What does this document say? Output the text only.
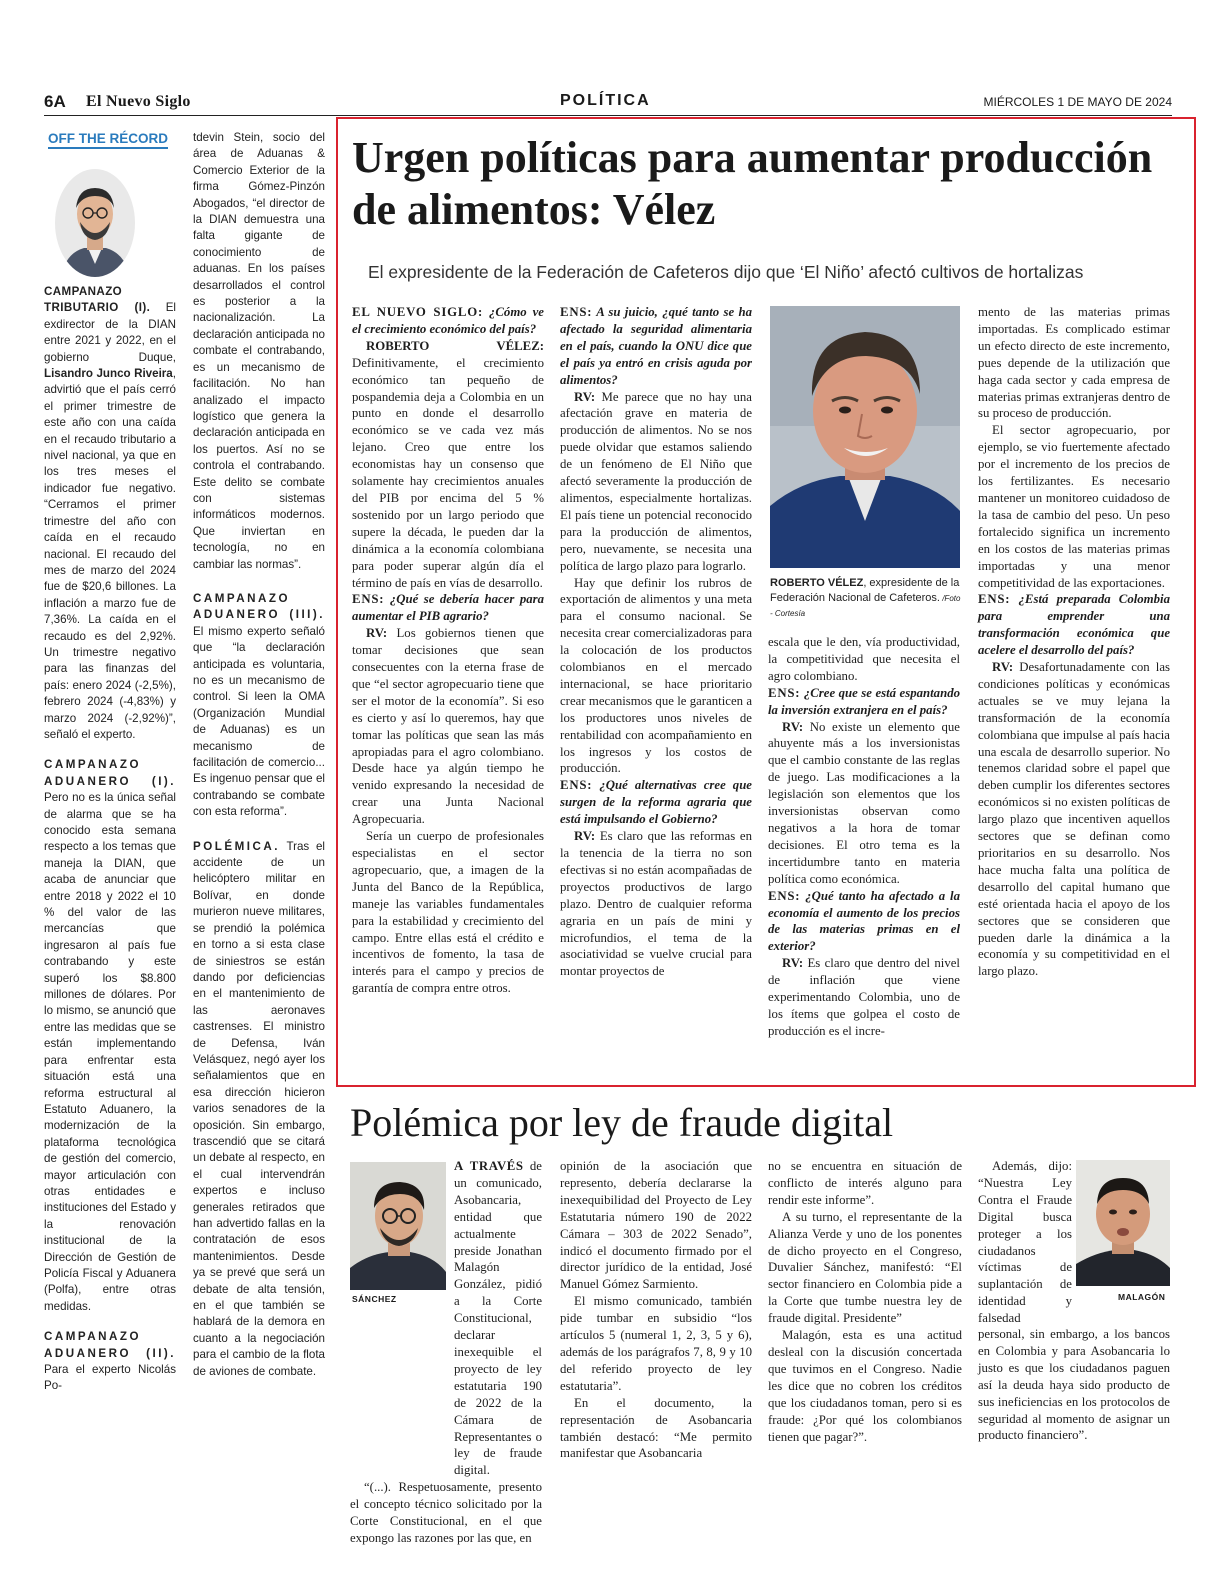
6A El Nuevo Siglo	POLÍTICA	MIÉRCOLES 1 DE MAYO DE 2024
OFF THE RÉCORD

CAMPANAZO TRIBUTARIO (I). El exdirector de la DIAN entre 2021 y 2022, en el gobierno Duque, Lisandro Junco Riveira, advirtió que el país cerró el primer trimestre de este año con una caída en el recaudo tributario a nivel nacional, ya que en los tres meses el indicador fue negativo. “Cerramos el primer trimestre del año con caída en el recaudo nacional. El recaudo del mes de marzo del 2024 fue de $20,6 billones. La inflación a marzo fue de 7,36%. La caída en el recaudo es del 2,92%. Un trimestre negativo para las finanzas del país: enero 2024 (-2,5%), febrero 2024 (-4,83%) y marzo 2024 (-2,92%)”, señaló el experto.

CAMPANAZO ADUANERO (I). Pero no es la única señal de alarma que se ha conocido esta semana respecto a los temas que maneja la DIAN, que acaba de anunciar que entre 2018 y 2022 el 10 % del valor de las mercancías que ingresaron al país fue contrabando y este superó los $8.800 millones de dólares. Por lo mismo, se anunció que entre las medidas que se están implementando para enfrentar esta situación está una reforma estructural al Estatuto Aduanero, la modernización de la plataforma tecnológica de gestión del comercio, mayor articulación con otras entidades e instituciones del Estado y la renovación institucional de la Dirección de Gestión de Policía Fiscal y Aduanera (Polfa), entre otras medidas.

CAMPANAZO ADUANERO (II). Para el experto Nicolás Po-

tdevin Stein, socio del área de Aduanas & Comercio Exterior de la firma Gómez-Pinzón Abogados, “el director de la DIAN demuestra una falta gigante de conocimiento de aduanas. En los países desarrollados el control es posterior a la nacionalización. La declaración anticipada no combate el contrabando, es un mecanismo de facilitación. No han analizado el impacto logístico que genera la declaración anticipada en los puertos. Así no se controla el contrabando. Este delito se combate con sistemas informáticos modernos. Que inviertan en tecnología, no en cambiar las normas”.

CAMPANAZO ADUANERO (III). El mismo experto señaló que “la declaración anticipada es voluntaria, no es un mecanismo de control. Si leen la OMA (Organización Mundial de Aduanas) es un mecanismo de facilitación de comercio... Es ingenuo pensar que el contrabando se combate con esta reforma”.

POLÉMICA. Tras el accidente de un helicóptero militar en Bolívar, en donde murieron nueve militares, se prendió la polémica en torno a si esta clase de siniestros se están dando por deficiencias en el mantenimiento de las aeronaves castrenses. El ministro de Defensa, Iván Velásquez, negó ayer los señalamientos que en esa dirección hicieron varios senadores de la oposición. Sin embargo, trascendió que se citará un debate al respecto, en el cual intervendrán expertos e incluso generales retirados que han advertido fallas en la contratación de esos mantenimientos. Desde ya se prevé que será un debate de alta tensión, en el que también se hablará de la demora en cuanto a la negociación para el cambio de la flota de aviones de combate.

Urgen políticas para aumentar producción de alimentos: Vélez
El expresidente de la Federación de Cafeteros dijo que ‘El Niño’ afectó cultivos de hortalizas

EL NUEVO SIGLO: ¿Cómo ve el crecimiento económico del país?

ROBERTO VÉLEZ: Definitivamente, el crecimiento económico tan pequeño de pospandemia deja a Colombia en un punto en donde el desarrollo económico se ve cada vez más lejano. Creo que entre los economistas hay un consenso que solamente hay crecimientos anuales del PIB por encima del 5 % sostenido por un largo periodo que supere la década, le pueden dar la dinámica a la economía colombiana para poder superar algún día el término de país en vías de desarrollo.

ENS: ¿Qué se debería hacer para aumentar el PIB agrario?

RV: Los gobiernos tienen que tomar decisiones que sean consecuentes con la eterna frase de que “el sector agropecuario tiene que ser el motor de la economía”. Si eso es cierto y así lo queremos, hay que tomar las políticas que sean las más apropiadas para el agro colombiano. Desde hace ya algún tiempo he venido expresando la necesidad de crear una Junta Nacional Agropecuaria.

Sería un cuerpo de profesionales especialistas en el sector agropecuario, que, a imagen de la Junta del Banco de la República, maneje las variables fundamentales para la estabilidad y crecimiento del campo. Entre ellas está el crédito e incentivos de fomento, la tasa de interés para el campo y precios de garantía de compra entre otros.

ENS: A su juicio, ¿qué tanto se ha afectado la seguridad alimentaria en el país, cuando la ONU dice que el país ya entró en crisis aguda por alimentos?

RV: Me parece que no hay una afectación grave en materia de producción de alimentos. No se nos puede olvidar que estamos saliendo de un fenómeno de El Niño que afectó severamente la producción de alimentos, especialmente hortalizas. El país tiene un potencial reconocido para la producción de alimentos, pero, nuevamente, se necesita una política de largo plazo para lograrlo.

Hay que definir los rubros de exportación de alimentos y una meta para el consumo nacional. Se necesita crear comercializadoras para la colocación de los productos colombianos en el mercado internacional, se hace prioritario crear mecanismos que le garanticen a los productores unos niveles de rentabilidad con acompañamiento en los ingresos y los costos de producción.

ENS: ¿Qué alternativas cree que surgen de la reforma agraria que está impulsando el Gobierno?

RV: Es claro que las reformas en la tenencia de la tierra no son efectivas si no están acompañadas de proyectos productivos de largo plazo. Dentro de cualquier reforma agraria en un país de mini y microfundios, el tema de la asociatividad se vuelve crucial para montar proyectos de

ROBERTO VÉLEZ, expresidente de la Federación Nacional de Cafeteros. /Foto - Cortesía

escala que le den, vía productividad, la competitividad que necesita el agro colombiano.

ENS: ¿Cree que se está espantando la inversión extranjera en el país?

RV: No existe un elemento que ahuyente más a los inversionistas que el cambio constante de las reglas de juego. Las modificaciones a la legislación son elementos que los inversionistas observan como negativos a la hora de tomar decisiones. El otro tema es la incertidumbre tanto en materia política como económica.

ENS: ¿Qué tanto ha afectado a la economía el aumento de los precios de las materias primas en el exterior?

RV: Es claro que dentro del nivel de inflación que viene experimentando Colombia, uno de los ítems que golpea el costo de producción es el incre-

mento de las materias primas importadas. Es complicado estimar un efecto directo de este incremento, pues depende de la utilización que haga cada sector y cada empresa de materias primas extranjeras dentro de su proceso de producción.

El sector agropecuario, por ejemplo, se vio fuertemente afectado por el incremento de los precios de los fertilizantes. Es necesario mantener un monitoreo cuidadoso de la tasa de cambio del peso. Un peso fortalecido significa un incremento en los costos de las materias primas importadas y una menor competitividad de las exportaciones.

ENS: ¿Está preparada Colombia para emprender una transformación económica que acelere el desarrollo del país?

RV: Desafortunadamente con las condiciones políticas y económicas actuales se ve muy lejana la transformación de la economía colombiana que impulse al país hacia una escala de desarrollo superior. No tenemos claridad sobre el papel que deben cumplir los diferentes sectores económicos si no existen políticas de largo plazo que incentiven aquellos sectores que se definan como prioritarios en su desarrollo. Nos hace mucha falta una política de desarrollo del capital humano que esté orientada hacia el apoyo de los sectores que se consideren que pueden darle la dinámica a la economía y su competitividad en el largo plazo.

Polémica por ley de fraude digital
SÁNCHEZ	MALAGÓN

A TRAVÉS de un comunicado, Asobancaria, entidad que actualmente preside Jonathan Malagón González, pidió a la Corte Constitucional, declarar inexequible el proyecto de ley estatutaria 190 de 2022 de la Cámara de Representantes o ley de fraude digital.

“(...). Respetuosamente, presento el concepto técnico solicitado por la Corte Constitucional, en el que expongo las razones por las que, en

opinión de la asociación que represento, debería declararse la inexequibilidad del Proyecto de Ley Estatutaria número 190 de 2022 Cámara – 303 de 2022 Senado”, indicó el documento firmado por el director jurídico de la entidad, José Manuel Gómez Sarmiento.

El mismo comunicado, también pide tumbar en subsidio “los artículos 5 (numeral 1, 2, 3, 5 y 6), además de los parágrafos 7, 8, 9 y 10 del referido proyecto de ley estatutaria”.

En el documento, la representación de Asobancaria también destacó: “Me permito manifestar que Asobancaria

no se encuentra en situación de conflicto de interés alguno para rendir este informe”.

A su turno, el representante de la Alianza Verde y uno de los ponentes de dicho proyecto en el Congreso, Duvalier Sánchez, manifestó: “El sector financiero en Colombia pide a la Corte que tumbe nuestra ley de fraude digital. Presidente”

Malagón, esta es una actitud desleal con la discusión concertada que tuvimos en el Congreso. Nadie les dice que no cobren los créditos que los ciudadanos toman, pero si es fraude: ¿Por qué los colombianos tienen que pagar?”.

Además, dijo: “Nuestra Ley Contra el Fraude Digital busca proteger a los ciudadanos víctimas de suplantación de identidad y falsedad

personal, sin embargo, a los bancos en Colombia y para Asobancaria lo justo es que los ciudadanos paguen así la deuda haya sido producto de sus ineficiencias en los protocolos de seguridad al momento de asignar un producto financiero”.
